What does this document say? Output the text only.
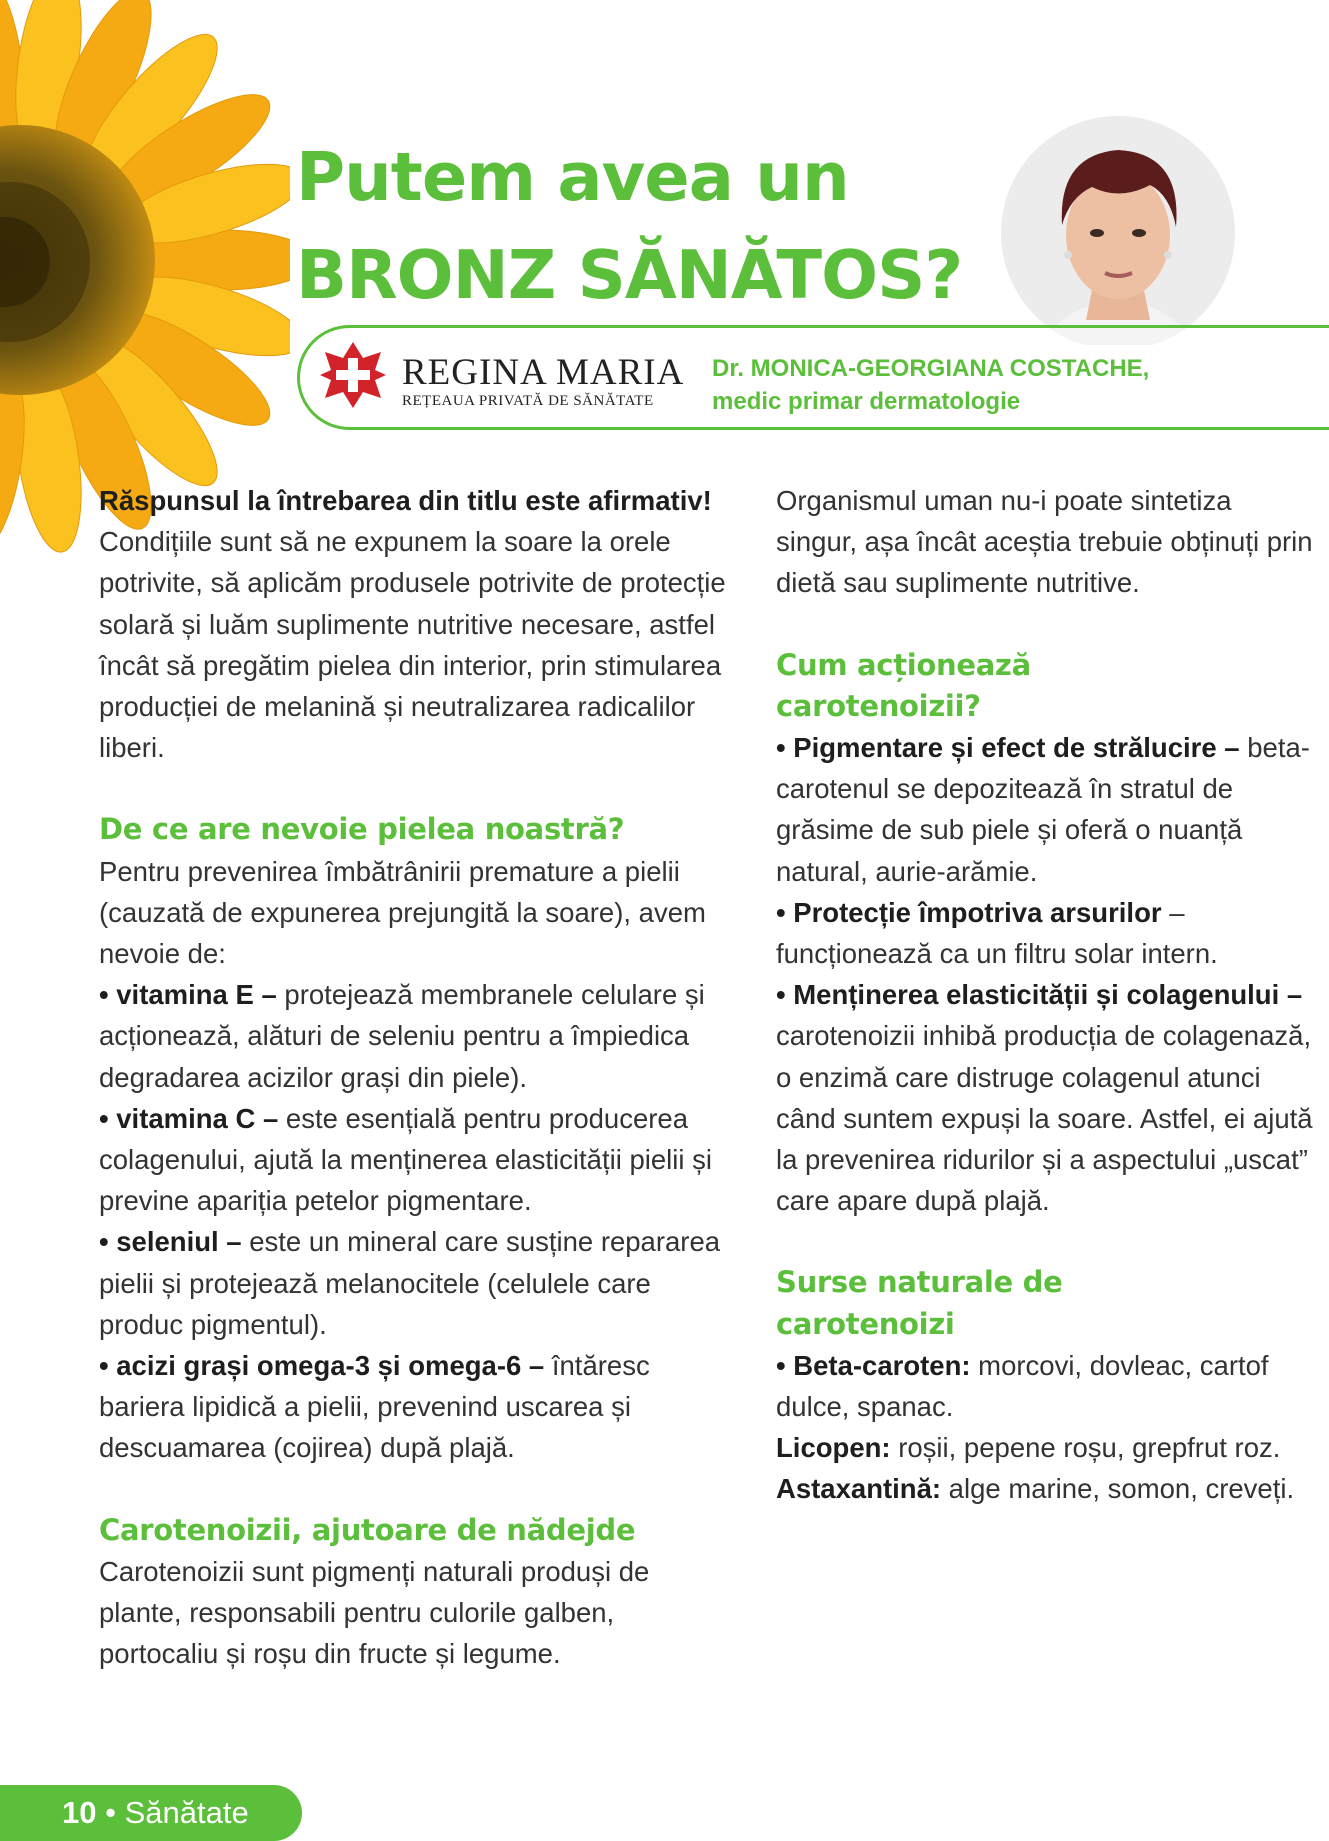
Putem avea un
BRONZ SĂNĂTOS?
REGINA MARIA
REȚEAUA PRIVATĂ DE SĂNĂTATE
Dr. MONICA-GEORGIANA COSTACHE,
medic primar dermatologie

Răspunsul la întrebarea din titlu este afirmativ! Condițiile sunt să ne expunem la soare la orele potrivite, să aplicăm produsele potrivite de protecție solară și luăm suplimente nutritive necesare, astfel încât să pregătim pielea din interior, prin stimularea producției de melanină și neutralizarea radicalilor liberi.

De ce are nevoie pielea noastră?

Pentru prevenirea îmbătrânirii premature a pielii (cauzată de expunerea prejungită la soare), avem nevoie de:

• vitamina E – protejează membranele celulare și acționează, alături de seleniu pentru a împiedica degradarea acizilor grași din piele).

• vitamina C – este esențială pentru producerea colagenului, ajută la menținerea elasticității pielii și previne apariția petelor pigmentare.

• seleniul – este un mineral care susține repararea pielii și protejează melanocitele (celulele care produc pigmentul).

• acizi grași omega-3 și omega-6 – întăresc bariera lipidică a pielii, prevenind uscarea și descuamarea (cojirea) după plajă.

Carotenoizii, ajutoare de nădejde

Carotenoizii sunt pigmenți naturali produși de plante, responsabili pentru culorile galben, portocaliu și roșu din fructe și legume.

Organismul uman nu-i poate sintetiza singur, așa încât aceștia trebuie obținuți prin dietă sau suplimente nutritive.

Cum acționează
carotenoizii?

• Pigmentare și efect de strălucire – beta-carotenul se depozitează în stratul de grăsime de sub piele și oferă o nuanță natural, aurie-arămie.

• Protecție împotriva arsurilor – funcționează ca un filtru solar intern.

• Menținerea elasticității și colagenului – carotenoizii inhibă producția de colagenază, o enzimă care distruge colagenul atunci când suntem expuși la soare. Astfel, ei ajută la prevenirea ridurilor și a aspectului „uscat” care apare după plajă.

Surse naturale de
carotenoizi

• Beta-caroten: morcovi, dovleac, cartof dulce, spanac.

Licopen: roșii, pepene roșu, grepfrut roz.

Astaxantină: alge marine, somon, creveți.

10 • Sănătate
